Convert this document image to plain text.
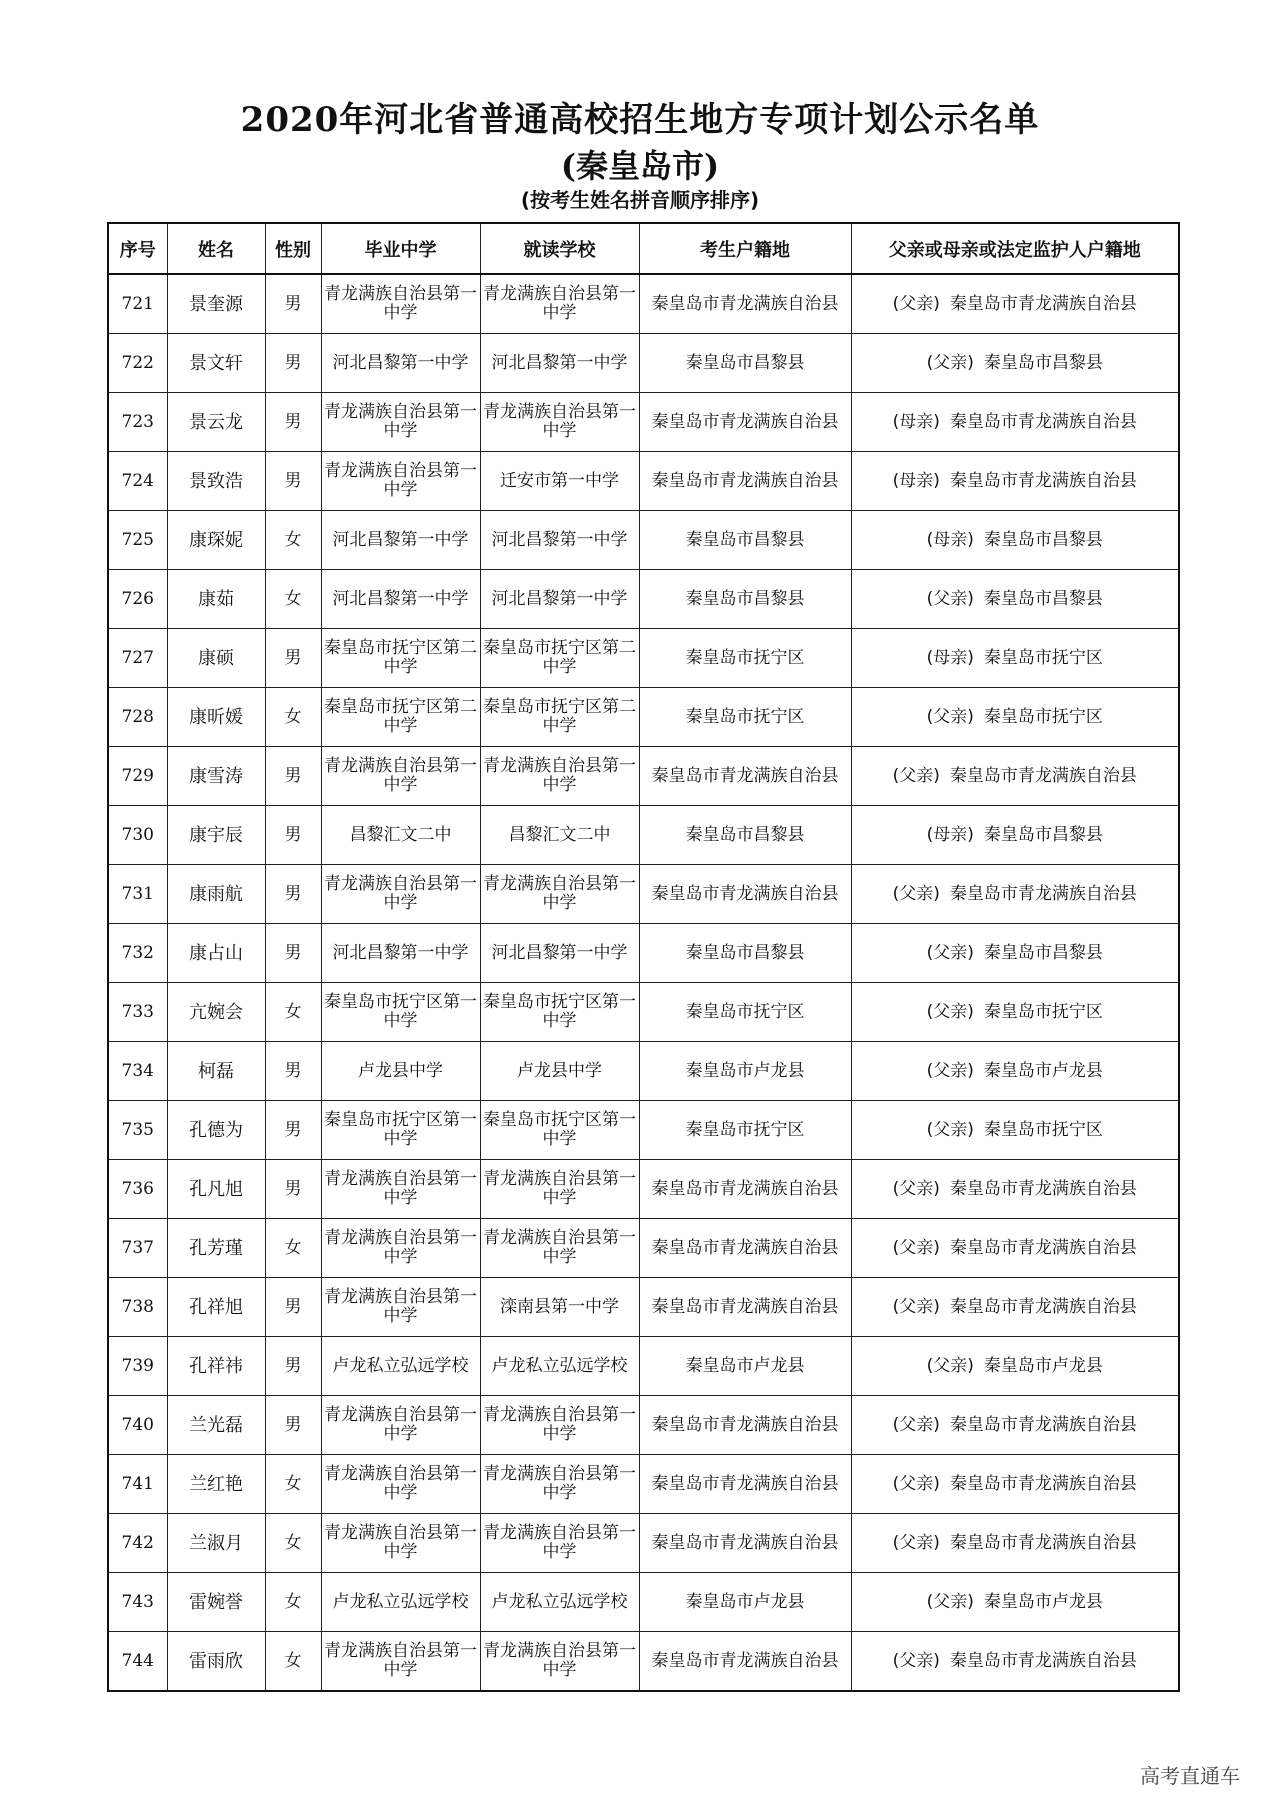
2020年河北省普通高校招生地方专项计划公示名单
(秦皇岛市)
(按考生姓名拼音顺序排序)
序号	姓名	性别	毕业中学	就读学校	考生户籍地	父亲或母亲或法定监护人户籍地
721	景奎源	男	青龙满族自治县第一中学	青龙满族自治县第一中学	秦皇岛市青龙满族自治县	(父亲) 秦皇岛市青龙满族自治县
722	景文轩	男	河北昌黎第一中学	河北昌黎第一中学	秦皇岛市昌黎县	(父亲) 秦皇岛市昌黎县
723	景云龙	男	青龙满族自治县第一中学	青龙满族自治县第一中学	秦皇岛市青龙满族自治县	(母亲) 秦皇岛市青龙满族自治县
724	景致浩	男	青龙满族自治县第一中学	迁安市第一中学	秦皇岛市青龙满族自治县	(母亲) 秦皇岛市青龙满族自治县
725	康琛妮	女	河北昌黎第一中学	河北昌黎第一中学	秦皇岛市昌黎县	(母亲) 秦皇岛市昌黎县
726	康茹	女	河北昌黎第一中学	河北昌黎第一中学	秦皇岛市昌黎县	(父亲) 秦皇岛市昌黎县
727	康硕	男	秦皇岛市抚宁区第二中学	秦皇岛市抚宁区第二中学	秦皇岛市抚宁区	(母亲) 秦皇岛市抚宁区
728	康昕媛	女	秦皇岛市抚宁区第二中学	秦皇岛市抚宁区第二中学	秦皇岛市抚宁区	(父亲) 秦皇岛市抚宁区
729	康雪涛	男	青龙满族自治县第一中学	青龙满族自治县第一中学	秦皇岛市青龙满族自治县	(父亲) 秦皇岛市青龙满族自治县
730	康宇辰	男	昌黎汇文二中	昌黎汇文二中	秦皇岛市昌黎县	(母亲) 秦皇岛市昌黎县
731	康雨航	男	青龙满族自治县第一中学	青龙满族自治县第一中学	秦皇岛市青龙满族自治县	(父亲) 秦皇岛市青龙满族自治县
732	康占山	男	河北昌黎第一中学	河北昌黎第一中学	秦皇岛市昌黎县	(父亲) 秦皇岛市昌黎县
733	亢婉会	女	秦皇岛市抚宁区第一中学	秦皇岛市抚宁区第一中学	秦皇岛市抚宁区	(父亲) 秦皇岛市抚宁区
734	柯磊	男	卢龙县中学	卢龙县中学	秦皇岛市卢龙县	(父亲) 秦皇岛市卢龙县
735	孔德为	男	秦皇岛市抚宁区第一中学	秦皇岛市抚宁区第一中学	秦皇岛市抚宁区	(父亲) 秦皇岛市抚宁区
736	孔凡旭	男	青龙满族自治县第一中学	青龙满族自治县第一中学	秦皇岛市青龙满族自治县	(父亲) 秦皇岛市青龙满族自治县
737	孔芳瑾	女	青龙满族自治县第一中学	青龙满族自治县第一中学	秦皇岛市青龙满族自治县	(父亲) 秦皇岛市青龙满族自治县
738	孔祥旭	男	青龙满族自治县第一中学	滦南县第一中学	秦皇岛市青龙满族自治县	(父亲) 秦皇岛市青龙满族自治县
739	孔祥祎	男	卢龙私立弘远学校	卢龙私立弘远学校	秦皇岛市卢龙县	(父亲) 秦皇岛市卢龙县
740	兰光磊	男	青龙满族自治县第一中学	青龙满族自治县第一中学	秦皇岛市青龙满族自治县	(父亲) 秦皇岛市青龙满族自治县
741	兰红艳	女	青龙满族自治县第一中学	青龙满族自治县第一中学	秦皇岛市青龙满族自治县	(父亲) 秦皇岛市青龙满族自治县
742	兰淑月	女	青龙满族自治县第一中学	青龙满族自治县第一中学	秦皇岛市青龙满族自治县	(父亲) 秦皇岛市青龙满族自治县
743	雷婉誉	女	卢龙私立弘远学校	卢龙私立弘远学校	秦皇岛市卢龙县	(父亲) 秦皇岛市卢龙县
744	雷雨欣	女	青龙满族自治县第一中学	青龙满族自治县第一中学	秦皇岛市青龙满族自治县	(父亲) 秦皇岛市青龙满族自治县
高考直通车
